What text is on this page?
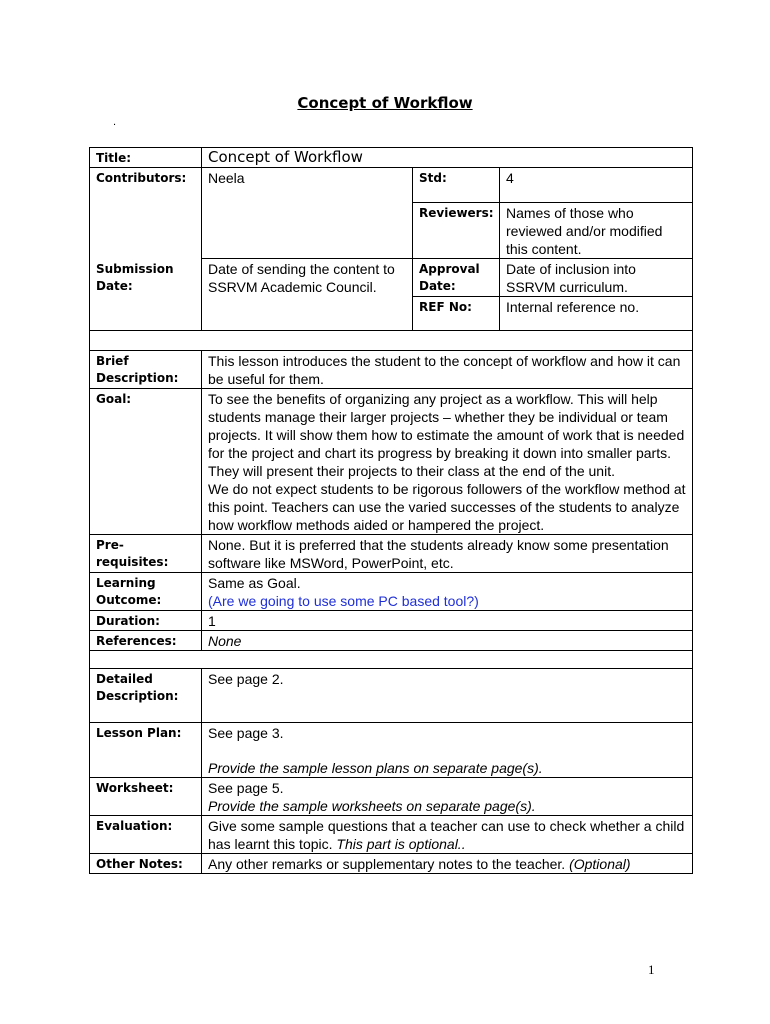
Concept of Workflow
.
Title:	Concept of Workflow		
Contributors:	Neela	Std:	4
		Reviewers:	Names of those who reviewed and/or modified this content.
Submission Date:	Date of sending the content to SSRVM Academic Council.	Approval Date:	Date of inclusion into SSRVM curriculum.
		REF No:	Internal reference no.

Brief Description:	This lesson introduces the student to the concept of workflow and how it can be useful for them.		
Goal:	To see the benefits of organizing any project as a workflow. This will help students manage their larger projects – whether they be individual or team projects. It will show them how to estimate the amount of work that is needed for the project and chart its progress by breaking it down into smaller parts. They will present their projects to their class at the end of the unit.
We do not expect students to be rigorous followers of the workflow method at this point. Teachers can use the varied successes of the students to analyze how workflow methods aided or hampered the project.		

Pre-requisites:	None. But it is preferred that the students already know some presentation software like MSWord, PowerPoint, etc.		
Learning Outcome:	Same as Goal.
(Are we going to use some PC based tool?)		

Duration:	1		
References:	None		

Detailed Description:	See page 2.		
Lesson Plan:	See page 3.
Provide the sample lesson plans on separate page(s).		

Worksheet:	See page 5.
Provide the sample worksheets on separate page(s).		

Evaluation:	Give some sample questions that a teacher can use to check whether a child has learnt this topic. This part is optional..		
Other Notes:	Any other remarks or supplementary notes to the teacher. (Optional)		
1
